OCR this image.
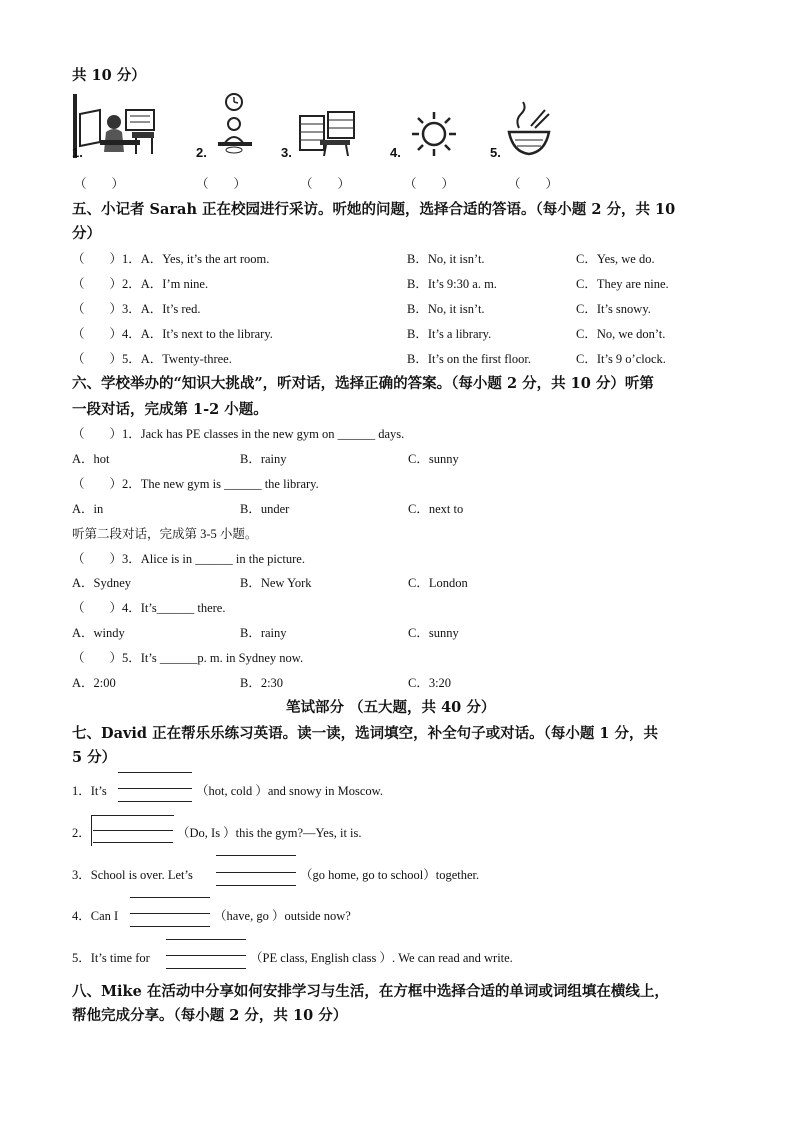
共 10 分）
1.	2.	3.	4.	5.
（　　）	（　　）	（　　）	（　　）	（　　）
五、小记者 Sarah 正在校园进行采访。听她的问题，选择合适的答语。（每小题 2 分，共 10
分）
（　　）1．A．Yes, it’s the art room.	B．No, it isn’t.	C．Yes, we do.
（　　）2．A．I’m nine.	B．It’s 9:30 a. m.	C．They are nine.
（　　）3．A．It’s red.	B．No, it isn’t.	C．It’s snowy.
（　　）4．A．It’s next to the library.	B．It’s a library.	C．No, we don’t.
（　　）5．A．Twenty-three.	B．It’s on the first floor.	C．It’s 9 o’clock.
六、学校举办的“知识大挑战”，听对话，选择正确的答案。（每小题 2 分，共 10 分）听第
一段对话，完成第 1-2 小题。
（　　）1．Jack has PE classes in the new gym on ______ days.
A．hot	B．rainy	C．sunny
（　　）2．The new gym is ______ the library.
A．in	B．under	C．next to
听第二段对话，完成第 3-5 小题。
（　　）3．Alice is in ______ in the picture.
A．Sydney	B．New York	C．London
（　　）4．It’s______ there.
A．windy	B．rainy	C．sunny
（　　）5．It’s ______p. m. in Sydney now.
A．2:00	B．2:30	C．3:20
笔试部分 （五大题，共 40 分）
七、David 正在帮乐乐练习英语。读一读，选词填空，补全句子或对话。（每小题 1 分，共
5 分）
1．It’s	（hot, cold ）and snowy in Moscow.
2．	（Do, Is ）this the gym?—Yes, it is.
3．School is over. Let’s	（go home, go to school）together.
4．Can I	（have, go ）outside now?
5．It’s time for	（PE class, English class ）. We can read and write.
八、Mike 在活动中分享如何安排学习与生活，在方框中选择合适的单词或词组填在横线上，
帮他完成分享。（每小题 2 分，共 10 分）
